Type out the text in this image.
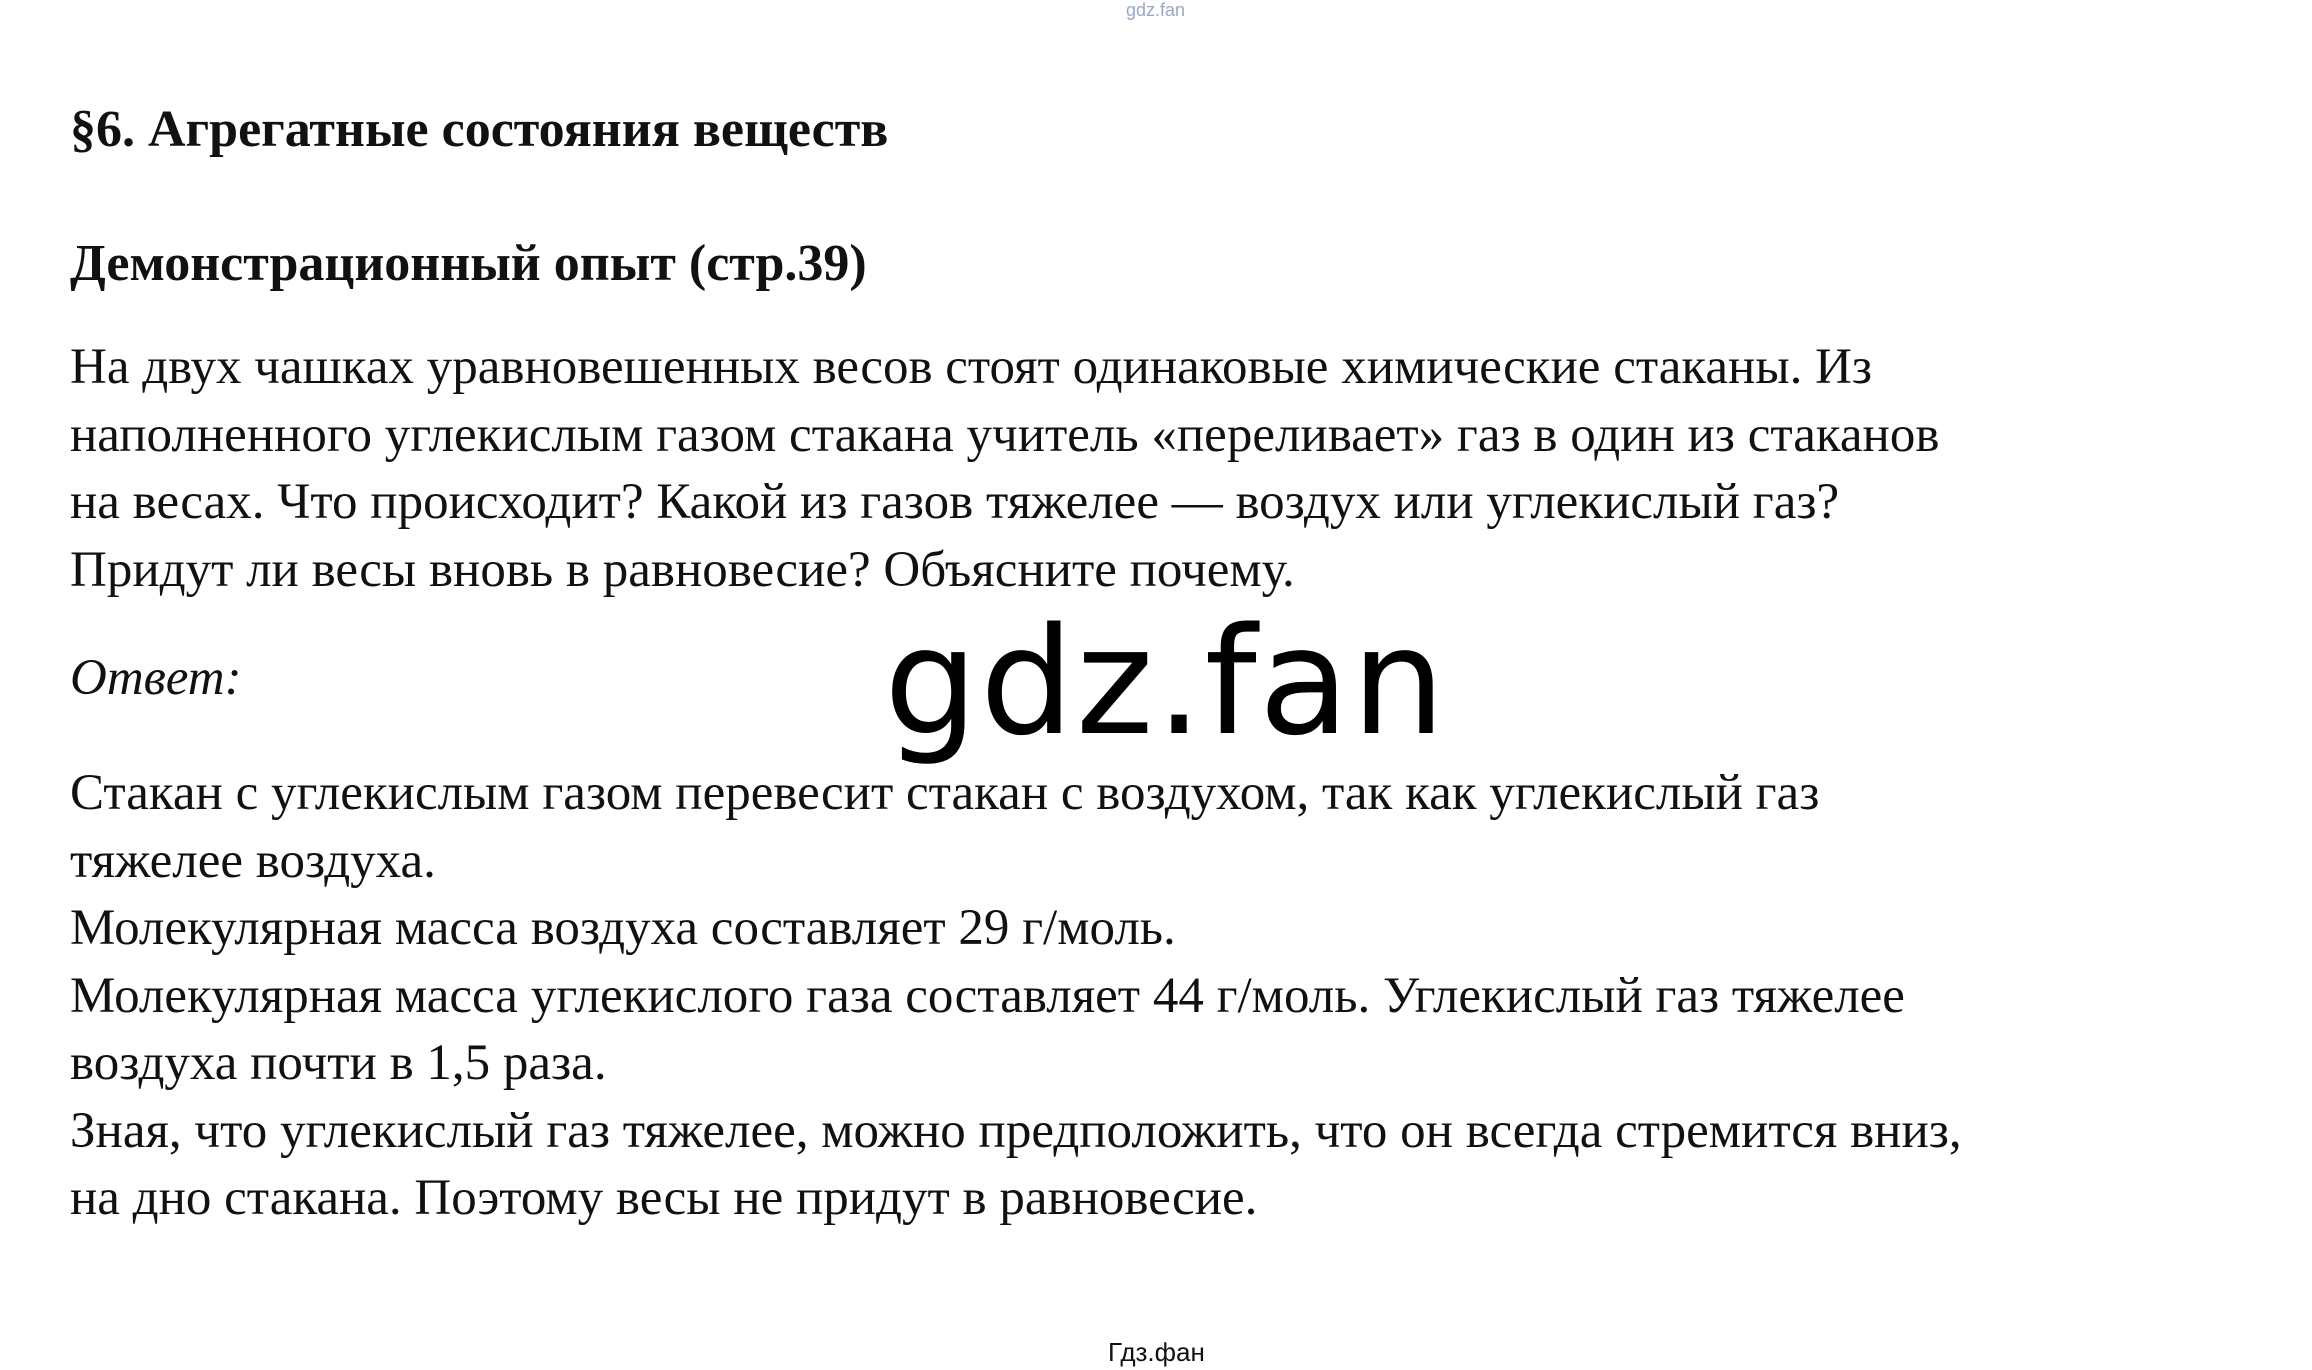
gdz.fan
§6. Агрегатные состояния веществ
Демонстрационный опыт (стр.39)
На двух чашках уравновешенных весов стоят одинаковые химические стаканы. Из
наполненного углекислым газом стакана учитель «переливает» газ в один из стаканов
на весах. Что происходит? Какой из газов тяжелее — воздух или углекислый газ?
Придут ли весы вновь в равновесие? Объясните почему.
Ответ:
Стакан с углекислым газом перевесит стакан с воздухом, так как углекислый газ
тяжелее воздуха.
Молекулярная масса воздуха составляет 29 г/моль.
Молекулярная масса углекислого газа составляет 44 г/моль. Углекислый газ тяжелее
воздуха почти в 1,5 раза.
Зная, что углекислый газ тяжелее, можно предположить, что он всегда стремится вниз,
на дно стакана. Поэтому весы не придут в равновесие.
gdz.fan
Гдз.фан
